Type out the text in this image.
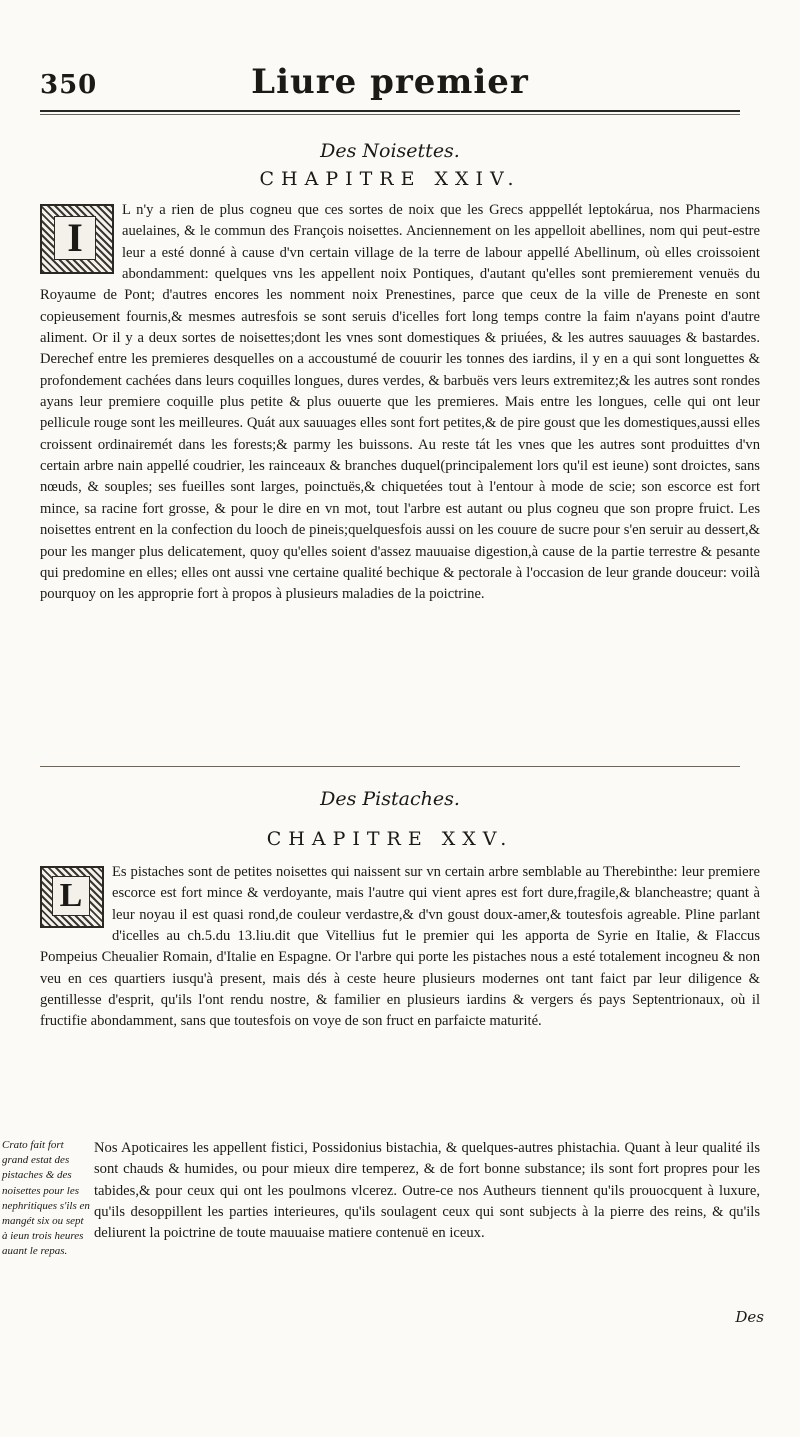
350	Liure premier
Des Noisettes.
CHAPITRE XXIV.

I
L n'y a rien de plus cogneu que ces sortes de noix que les Grecs apppellét leptokárua, nos Pharmaciens auelaines, & le commun des François noisettes. Anciennement on les appelloit abellines, nom qui peut-estre leur a esté donné à cause d'vn certain village de la terre de labour appellé Abellinum, où elles croissoient abondamment: quelques vns les appellent noix Pontiques, d'autant qu'elles sont premierement venuës du Royaume de Pont; d'autres encores les nomment noix Prenestines, parce que ceux de la ville de Preneste en sont copieusement fournis,& mesmes autresfois se sont seruis d'icelles fort long temps contre la faim n'ayans point d'autre aliment. Or il y a deux sortes de noisettes;dont les vnes sont domestiques & priuées, & les autres sauuages & bastardes. Derechef entre les premieres desquelles on a accoustumé de couurir les tonnes des iardins, il y en a qui sont longuettes & profondement cachées dans leurs coquilles longues, dures verdes, & barbuës vers leurs extremitez;& les autres sont rondes ayans leur premiere coquille plus petite & plus ouuerte que les premieres. Mais entre les longues, celle qui ont leur pellicule rouge sont les meilleures. Quát aux sauuages elles sont fort petites,& de pire goust que les domestiques,aussi elles croissent ordinairemét dans les forests;& parmy les buissons. Au reste tát les vnes que les autres sont produittes d'vn certain arbre nain appellé coudrier, les rainceaux & branches duquel(principalement lors qu'il est ieune) sont droictes, sans nœuds, & souples; ses fueilles sont larges, poinctuës,& chiquetées tout à l'entour à mode de scie; son escorce est fort mince, sa racine fort grosse, & pour le dire en vn mot, tout l'arbre est autant ou plus cogneu que son propre fruict. Les noisettes entrent en la confection du looch de pineis;quelquesfois aussi on les couure de sucre pour s'en seruir au dessert,& pour les manger plus delicatement, quoy qu'elles soient d'assez mauuaise digestion,à cause de la partie terrestre & pesante qui predomine en elles; elles ont aussi vne certaine qualité bechique & pectorale à l'occasion de leur grande douceur: voilà pourquoy on les approprie fort à propos à plusieurs maladies de la poictrine.

Des Pistaches.
CHAPITRE XXV.

L
Es pistaches sont de petites noisettes qui naissent sur vn certain arbre semblable au Therebinthe: leur premiere escorce est fort mince & verdoyante, mais l'autre qui vient apres est fort dure,fragile,& blancheastre; quant à leur noyau il est quasi rond,de couleur verdastre,& d'vn goust doux-amer,& toutesfois agreable. Pline parlant d'icelles au ch.5.du 13.liu.dit que Vitellius fut le premier qui les apporta de Syrie en Italie, & Flaccus Pompeius Cheualier Romain, d'Italie en Espagne. Or l'arbre qui porte les pistaches nous a esté totalement incogneu & non veu en ces quartiers iusqu'à present, mais dés à ceste heure plusieurs modernes ont tant faict par leur diligence & gentillesse d'esprit, qu'ils l'ont rendu nostre, & familier en plusieurs iardins & vergers és pays Septentrionaux, où il fructifie abondamment, sans que toutesfois on voye de son fruct en parfaicte maturité.

Nos Apoticaires les appellent fistici, Possidonius bistachia, & quelques-autres phistachia. Quant à leur qualité ils sont chauds & humides, ou pour mieux dire temperez, & de fort bonne substance; ils sont fort propres pour les tabides,& pour ceux qui ont les poulmons vlcerez. Outre-ce nos Autheurs tiennent qu'ils prouocquent à luxure, qu'ils desoppillent les parties interieures, qu'ils soulagent ceux qui sont subjects à la pierre des reins, & qu'ils deliurent la poictrine de toute mauuaise matiere contenuë en iceux.

Crato fait fort grand estat des pistaches & des noisettes pour les nephritiques s'ils en mangét six ou sept à ieun trois heures auant le repas.
Des
